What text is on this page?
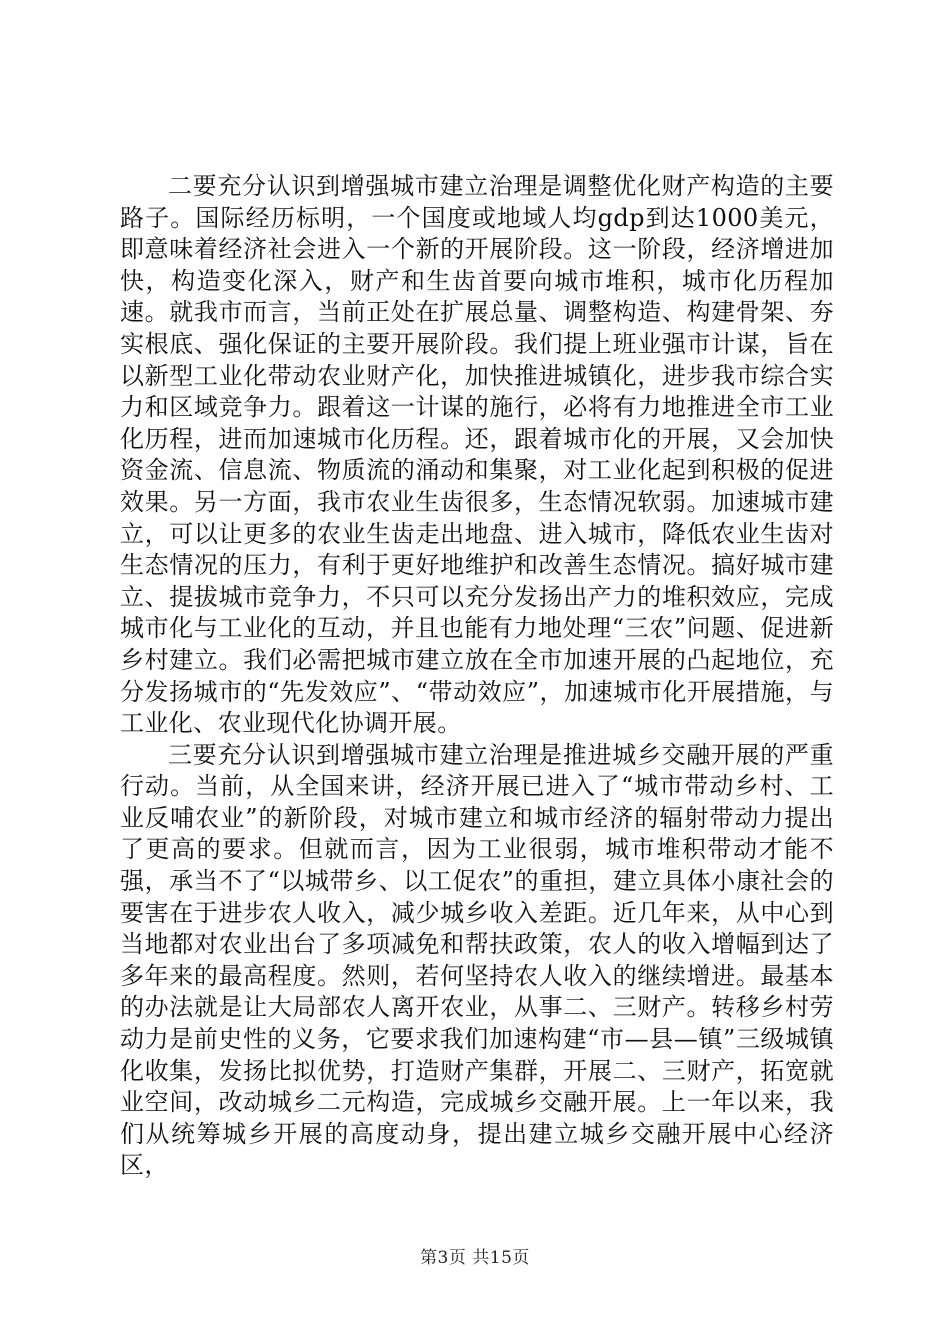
二要充分认识到增强城市建立治理是调整优化财产构造的主要路子。国际经历标明，一个国度或地域人均gdp到达1000美元，即意味着经济社会进入一个新的开展阶段。这一阶段，经济增进加快，构造变化深入，财产和生齿首要向城市堆积，城市化历程加速。就我市而言，当前正处在扩展总量、调整构造、构建骨架、夯实根底、强化保证的主要开展阶段。我们提上班业强市计谋，旨在以新型工业化带动农业财产化，加快推进城镇化，进步我市综合实力和区域竞争力。跟着这一计谋的施行，必将有力地推进全市工业化历程，进而加速城市化历程。还，跟着城市化的开展，又会加快资金流、信息流、物质流的涌动和集聚，对工业化起到积极的促进效果。另一方面，我市农业生齿很多，生态情况软弱。加速城市建立，可以让更多的农业生齿走出地盘、进入城市，降低农业生齿对生态情况的压力，有利于更好地维护和改善生态情况。搞好城市建立、提拔城市竞争力，不只可以充分发扬出产力的堆积效应，完成城市化与工业化的互动，并且也能有力地处理“三农”问题、促进新乡村建立。我们必需把城市建立放在全市加速开展的凸起地位，充分发扬城市的“先发效应”、“带动效应”，加速城市化开展措施，与工业化、农业现代化协调开展。

三要充分认识到增强城市建立治理是推进城乡交融开展的严重行动。当前，从全国来讲，经济开展已进入了“城市带动乡村、工业反哺农业”的新阶段，对城市建立和城市经济的辐射带动力提出了更高的要求。但就而言，因为工业很弱，城市堆积带动才能不强，承当不了“以城带乡、以工促农”的重担，建立具体小康社会的要害在于进步农人收入，减少城乡收入差距。近几年来，从中心到当地都对农业出台了多项减免和帮扶政策，农人的收入增幅到达了多年来的最高程度。然则，若何坚持农人收入的继续增进。最基本的办法就是让大局部农人离开农业，从事二、三财产。转移乡村劳动力是前史性的义务，它要求我们加速构建“市—县—镇”三级城镇化收集，发扬比拟优势，打造财产集群，开展二、三财产，拓宽就业空间，改动城乡二元构造，完成城乡交融开展。上一年以来，我们从统筹城乡开展的高度动身，提出建立城乡交融开展中心经济区，

第3页 共15页
